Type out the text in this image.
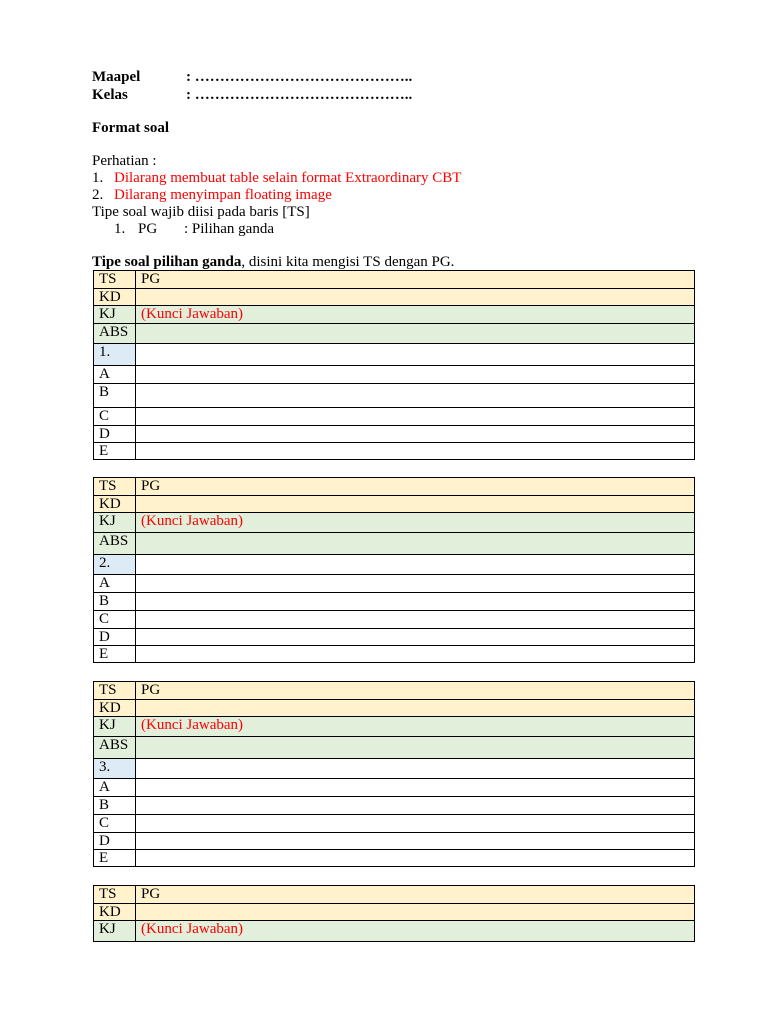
Maapel	: ……………………………………..
Kelas	: ……………………………………..
Format soal
Perhatian :
1. Dilarang membuat table selain format Extraordinary CBT
2. Dilarang menyimpan floating image
Tipe soal wajib diisi pada baris [TS]
1. PG : Pilihan ganda
Tipe soal pilihan ganda, disini kita mengisi TS dengan PG.
TS	PG
KD	
KJ	(Kunci Jawaban)
ABS	
1.	
A	
B	
C	
D	
E	
TS	PG
KD	
KJ	(Kunci Jawaban)
ABS	
2.	
A	
B	
C	
D	
E	
TS	PG
KD	
KJ	(Kunci Jawaban)
ABS	
3.	
A	
B	
C	
D	
E	
TS	PG
KD	
KJ	(Kunci Jawaban)
